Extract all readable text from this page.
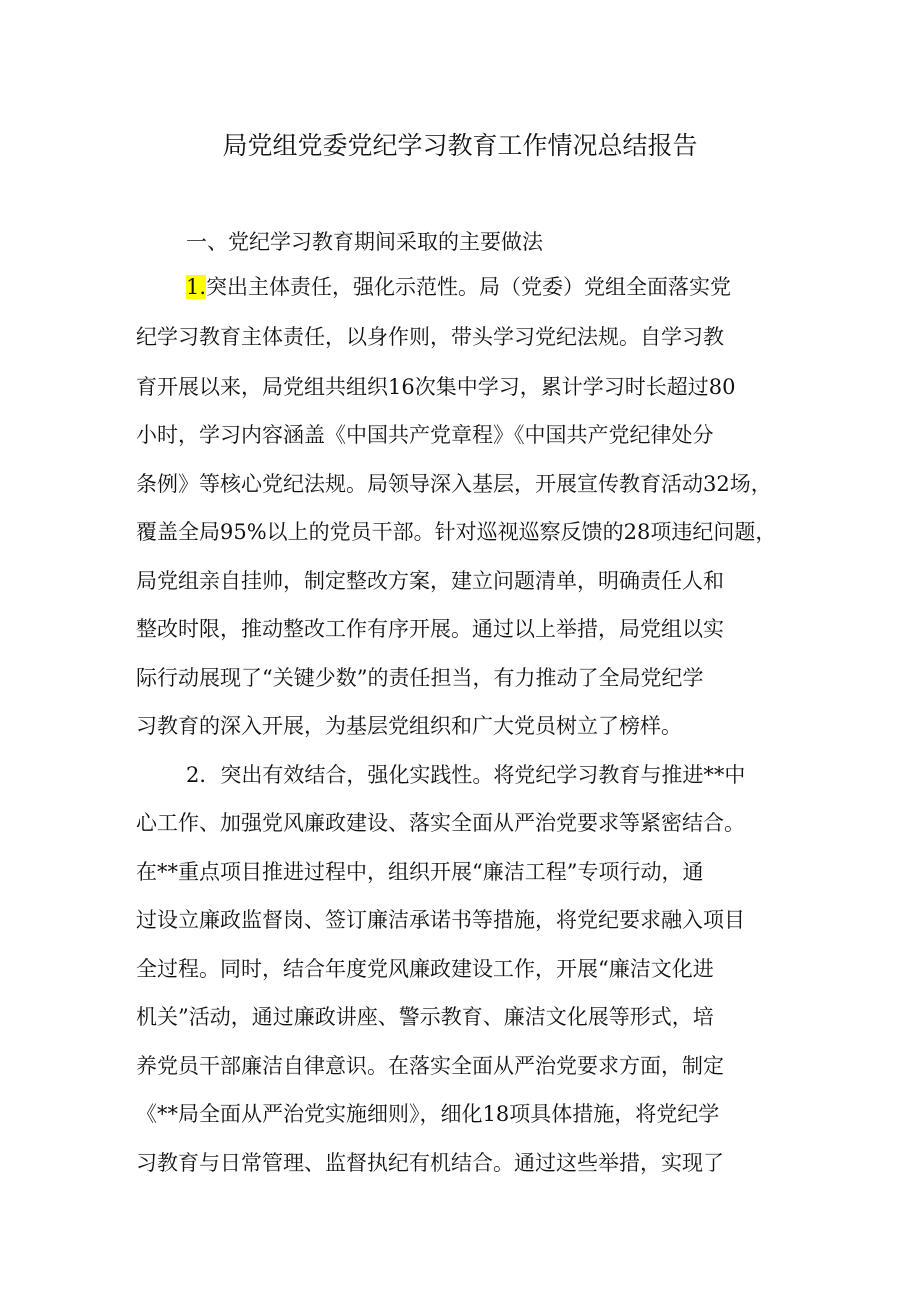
局党组党委党纪学习教育工作情况总结报告
一、党纪学习教育期间采取的主要做法
1.突出主体责任，强化示范性。局（党委）党组全面落实党
纪学习教育主体责任，以身作则，带头学习党纪法规。自学习教
育开展以来，局党组共组织16次集中学习，累计学习时长超过80
小时，学习内容涵盖《中国共产党章程》《中国共产党纪律处分
条例》等核心党纪法规。局领导深入基层，开展宣传教育活动32场，
覆盖全局95%以上的党员干部。针对巡视巡察反馈的28项违纪问题，
局党组亲自挂帅，制定整改方案，建立问题清单，明确责任人和
整改时限，推动整改工作有序开展。通过以上举措，局党组以实
际行动展现了“关键少数”的责任担当，有力推动了全局党纪学
习教育的深入开展，为基层党组织和广大党员树立了榜样。
2．突出有效结合，强化实践性。将党纪学习教育与推进**中
心工作、加强党风廉政建设、落实全面从严治党要求等紧密结合。
在**重点项目推进过程中，组织开展“廉洁工程”专项行动，通
过设立廉政监督岗、签订廉洁承诺书等措施，将党纪要求融入项目
全过程。同时，结合年度党风廉政建设工作，开展“廉洁文化进
机关”活动，通过廉政讲座、警示教育、廉洁文化展等形式，培
养党员干部廉洁自律意识。在落实全面从严治党要求方面，制定
《**局全面从严治党实施细则》，细化18项具体措施，将党纪学
习教育与日常管理、监督执纪有机结合。通过这些举措，实现了
